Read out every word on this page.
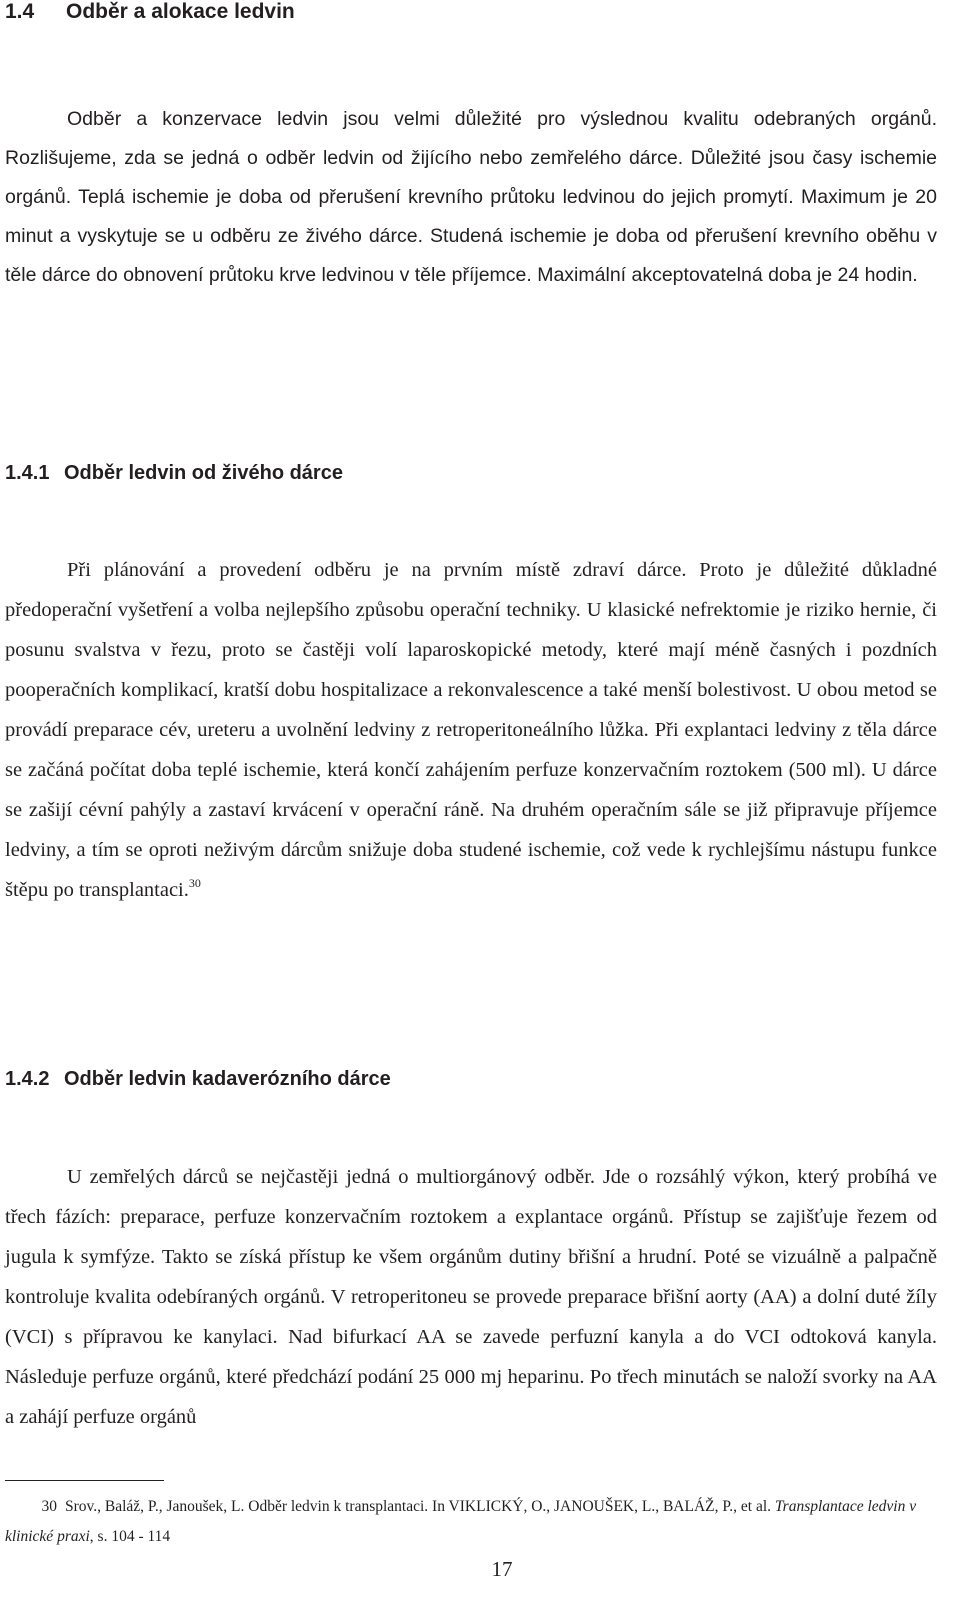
1.4 Odběr a alokace ledvin

Odběr a konzervace ledvin jsou velmi důležité pro výslednou kvalitu odebraných orgánů. Rozlišujeme, zda se jedná o odběr ledvin od žijícího nebo zemřelého dárce. Důležité jsou časy ischemie orgánů. Teplá ischemie je doba od přerušení krevního průtoku ledvinou do jejich promytí. Maximum je 20 minut a vyskytuje se u odběru ze živého dárce. Studená ischemie je doba od přerušení krevního oběhu v těle dárce do obnovení průtoku krve ledvinou v těle příjemce. Maximální akceptovatelná doba je 24 hodin.

1.4.1 Odběr ledvin od živého dárce

Při plánování a provedení odběru je na prvním místě zdraví dárce. Proto je důležité důkladné předoperační vyšetření a volba nejlepšího způsobu operační techniky. U klasické nefrektomie je riziko hernie, či posunu svalstva v řezu, proto se častěji volí laparoskopické metody, které mají méně časných i pozdních pooperačních komplikací, kratší dobu hospitalizace a rekonvalescence a také menší bolestivost. U obou metod se provádí preparace cév, ureteru a uvolnění ledviny z retroperitoneálního lůžka. Při explantaci ledviny z těla dárce se začáná počítat doba teplé ischemie, která končí zahájením perfuze konzervačním roztokem (500 ml). U dárce se zašijí cévní pahýly a zastaví krvácení v operační ráně. Na druhém operačním sále se již připravuje příjemce ledviny, a tím se oproti neživým dárcům snižuje doba studené ischemie, což vede k rychlejšímu nástupu funkce štěpu po transplantaci.$^{30}$

1.4.2 Odběr ledvin kadaverózního dárce

U zemřelých dárců se nejčastěji jedná o multiorgánový odběr. Jde o rozsáhlý výkon, který probíhá ve třech fázích: preparace, perfuze konzervačním roztokem a explantace orgánů. Přístup se zajišťuje řezem od jugula k symfýze. Takto se získá přístup ke všem orgánům dutiny břišní a hrudní. Poté se vizuálně a palpačně kontroluje kvalita odebíraných orgánů. V retroperitoneu se provede preparace břišní aorty (AA) a dolní duté žíly (VCI) s přípravou ke kanylaci. Nad bifurkací AA se zavede perfuzní kanyla a do VCI odtoková kanyla. Následuje perfuze orgánů, které předchází podání 25 000 mj heparinu. Po třech minutách se naloží svorky na AA a zahájí perfuze orgánů

30 Srov., Baláž, P., Janoušek, L. Odběr ledvin k transplantaci. In VIKLICKÝ, O., JANOUŠEK, L., BALÁŽ, P., et al. Transplantace ledvin v klinické praxi, s. 104 - 114

17
